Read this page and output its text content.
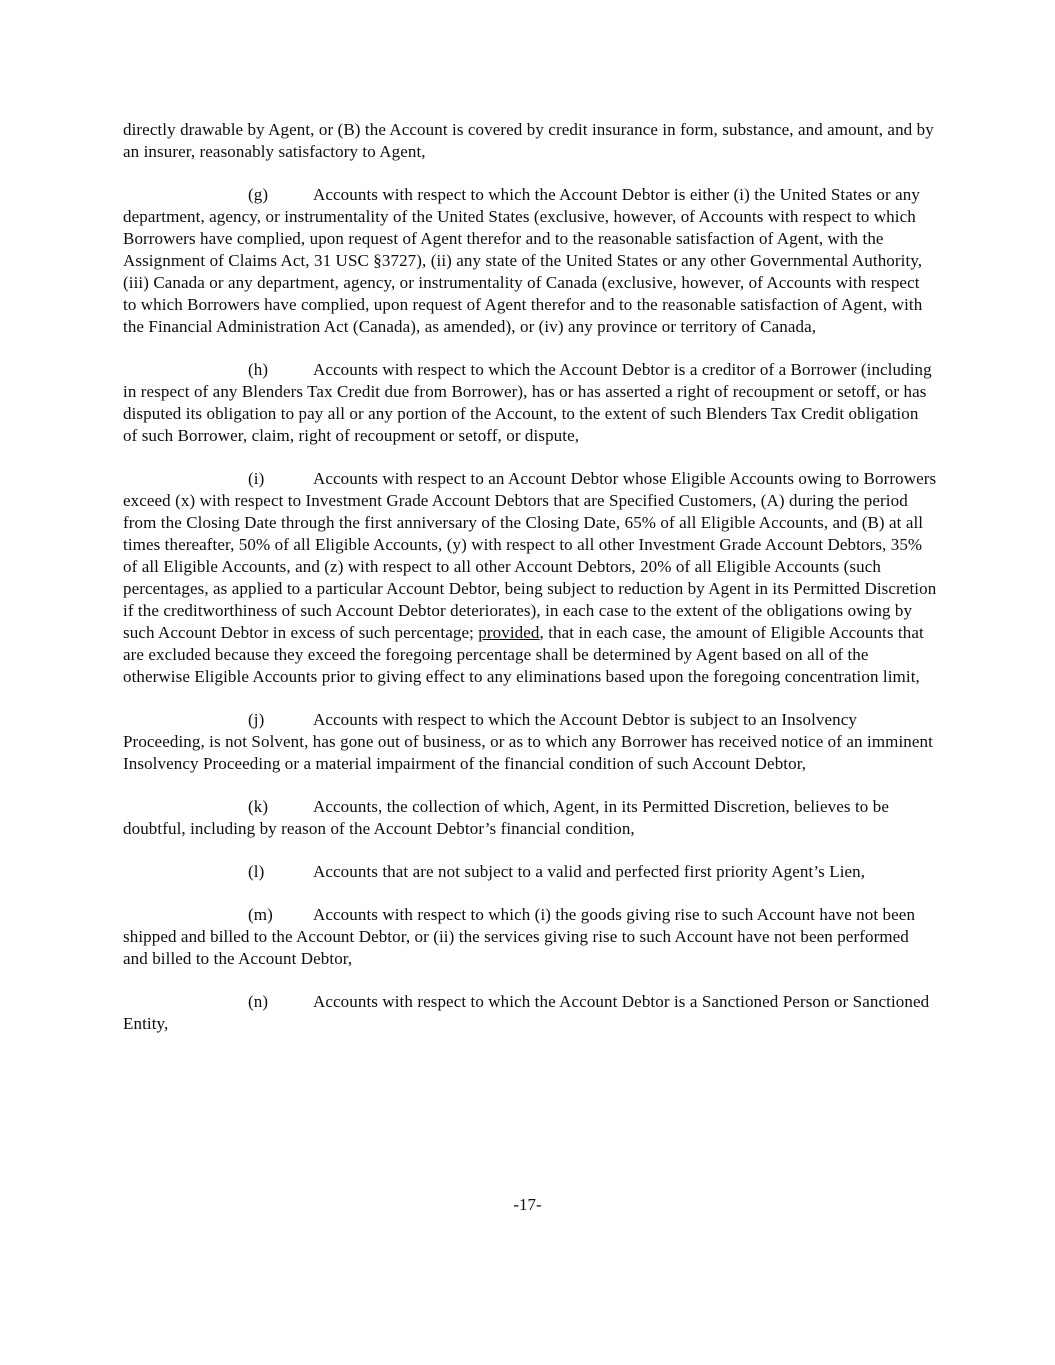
directly drawable by Agent, or (B) the Account is covered by credit insurance in form, substance, and amount, and by an insurer, reasonably satisfactory to Agent,

(g)	Accounts with respect to which the Account Debtor is either (i) the United States or any department, agency, or instrumentality of the United States (exclusive, however, of Accounts with respect to which Borrowers have complied, upon request of Agent therefor and to the reasonable satisfaction of Agent, with the Assignment of Claims Act, 31 USC §3727), (ii) any state of the United States or any other Governmental Authority, (iii) Canada or any department, agency, or instrumentality of Canada (exclusive, however, of Accounts with respect to which Borrowers have complied, upon request of Agent therefor and to the reasonable satisfaction of Agent, with the Financial Administration Act (Canada), as amended), or (iv) any province or territory of Canada,

(h)	Accounts with respect to which the Account Debtor is a creditor of a Borrower (including in respect of any Blenders Tax Credit due from Borrower), has or has asserted a right of recoupment or setoff, or has disputed its obligation to pay all or any portion of the Account, to the extent of such Blenders Tax Credit obligation of such Borrower, claim, right of recoupment or setoff, or dispute,

(i)	Accounts with respect to an Account Debtor whose Eligible Accounts owing to Borrowers exceed (x) with respect to Investment Grade Account Debtors that are Specified Customers, (A) during the period from the Closing Date through the first anniversary of the Closing Date, 65% of all Eligible Accounts, and (B) at all times thereafter, 50% of all Eligible Accounts, (y) with respect to all other Investment Grade Account Debtors, 35% of all Eligible Accounts, and (z) with respect to all other Account Debtors, 20% of all Eligible Accounts (such percentages, as applied to a particular Account Debtor, being subject to reduction by Agent in its Permitted Discretion if the creditworthiness of such Account Debtor deteriorates), in each case to the extent of the obligations owing by such Account Debtor in excess of such percentage; provided, that in each case, the amount of Eligible Accounts that are excluded because they exceed the foregoing percentage shall be determined by Agent based on all of the otherwise Eligible Accounts prior to giving effect to any eliminations based upon the foregoing concentration limit,

(j)	Accounts with respect to which the Account Debtor is subject to an Insolvency Proceeding, is not Solvent, has gone out of business, or as to which any Borrower has received notice of an imminent Insolvency Proceeding or a material impairment of the financial condition of such Account Debtor,

(k)	Accounts, the collection of which, Agent, in its Permitted Discretion, believes to be doubtful, including by reason of the Account Debtor’s financial condition,

(l)	Accounts that are not subject to a valid and perfected first priority Agent’s Lien,

(m) Accounts with respect to which (i) the goods giving rise to such Account have not been shipped and billed to the Account Debtor, or (ii) the services giving rise to such Account have not been performed and billed to the Account Debtor,

(n)	Accounts with respect to which the Account Debtor is a Sanctioned Person or Sanctioned Entity,

-17-
